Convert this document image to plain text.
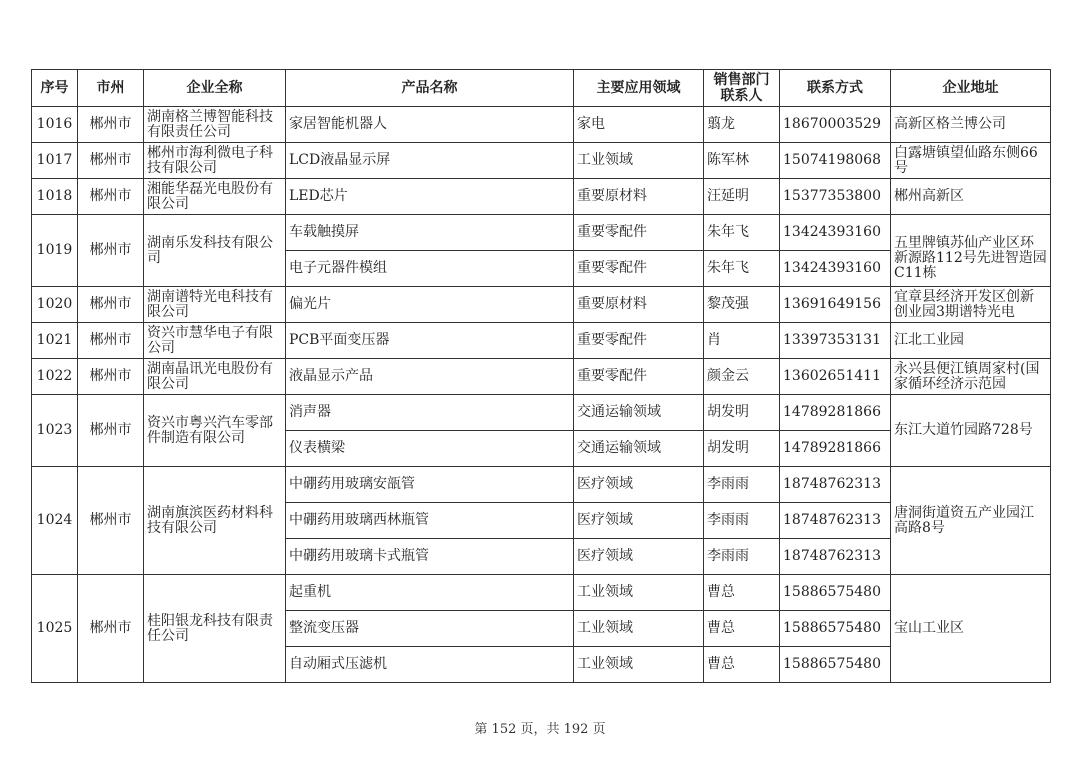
序号	市州	企业全称	产品名称	主要应用领域	销售部门联系人	联系方式	企业地址

1016	郴州市	湖南格兰博智能科技有限责任公司	家居智能机器人	家电	翦龙	18670003529	高新区格兰博公司

1017	郴州市	郴州市海利微电子科技有限公司	LCD液晶显示屏	工业领域	陈军林	15074198068	白露塘镇望仙路东侧66号

1018	郴州市	湘能华磊光电股份有限公司	LED芯片	重要原材料	汪延明	15377353800	郴州高新区

1019	郴州市	湖南乐发科技有限公司	车载触摸屏	重要零配件	朱年飞	13424393160	五里牌镇苏仙产业区环新源路112号先进智造园C11栋

			电子元器件模组	重要零配件	朱年飞	13424393160	

1020	郴州市	湖南谱特光电科技有限公司	偏光片	重要原材料	黎茂强	13691649156	宜章县经济开发区创新创业园3期谱特光电

1021	郴州市	资兴市慧华电子有限公司	PCB平面变压器	重要零配件	肖	13397353131	江北工业园

1022	郴州市	湖南晶讯光电股份有限公司	液晶显示产品	重要零配件	颜金云	13602651411	永兴县便江镇周家村(国家循环经济示范园

1023	郴州市	资兴市粤兴汽车零部件制造有限公司	消声器	交通运输领域	胡发明	14789281866	东江大道竹园路728号

			仪表横梁	交通运输领域	胡发明	14789281866	

1024	郴州市	湖南旗滨医药材料科技有限公司	中硼药用玻璃安瓿管	医疗领域	李雨雨	18748762313	唐洞街道资五产业园江高路8号

			中硼药用玻璃西林瓶管	医疗领域	李雨雨	18748762313	

			中硼药用玻璃卡式瓶管	医疗领域	李雨雨	18748762313	

1025	郴州市	桂阳银龙科技有限责任公司	起重机	工业领域	曹总	15886575480	宝山工业区

			整流变压器	工业领域	曹总	15886575480	

			自动厢式压滤机	工业领域	曹总	15886575480	
第 152 页，共 192 页
